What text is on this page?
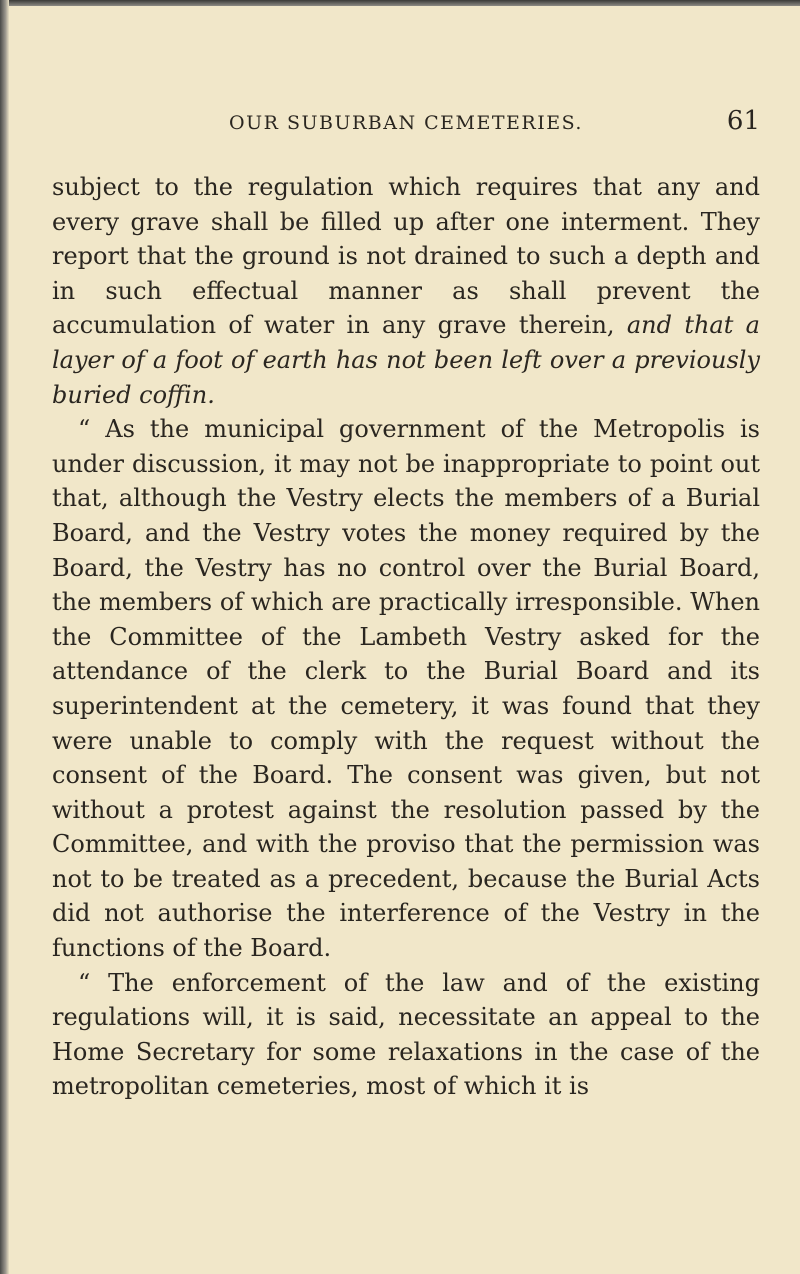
OUR SUBURBAN CEMETERIES.	61

subject to the regulation which requires that any and every grave shall be filled up after one interment. They report that the ground is not drained to such a depth and in such effectual manner as shall prevent the accumulation of water in any grave therein, and that a layer of a foot of earth has not been left over a previously buried coffin.

“ As the municipal government of the Metropolis is under discussion, it may not be inappropriate to point out that, although the Vestry elects the members of a Burial Board, and the Vestry votes the money required by the Board, the Vestry has no control over the Burial Board, the members of which are practically irresponsible. When the Committee of the Lambeth Vestry asked for the attendance of the clerk to the Burial Board and its superintendent at the cemetery, it was found that they were unable to comply with the request without the consent of the Board. The consent was given, but not without a protest against the resolution passed by the Committee, and with the proviso that the permission was not to be treated as a precedent, because the Burial Acts did not authorise the interference of the Vestry in the functions of the Board.

“ The enforcement of the law and of the existing regulations will, it is said, necessitate an appeal to the Home Secretary for some relaxations in the case of the metropolitan cemeteries, most of which it is
